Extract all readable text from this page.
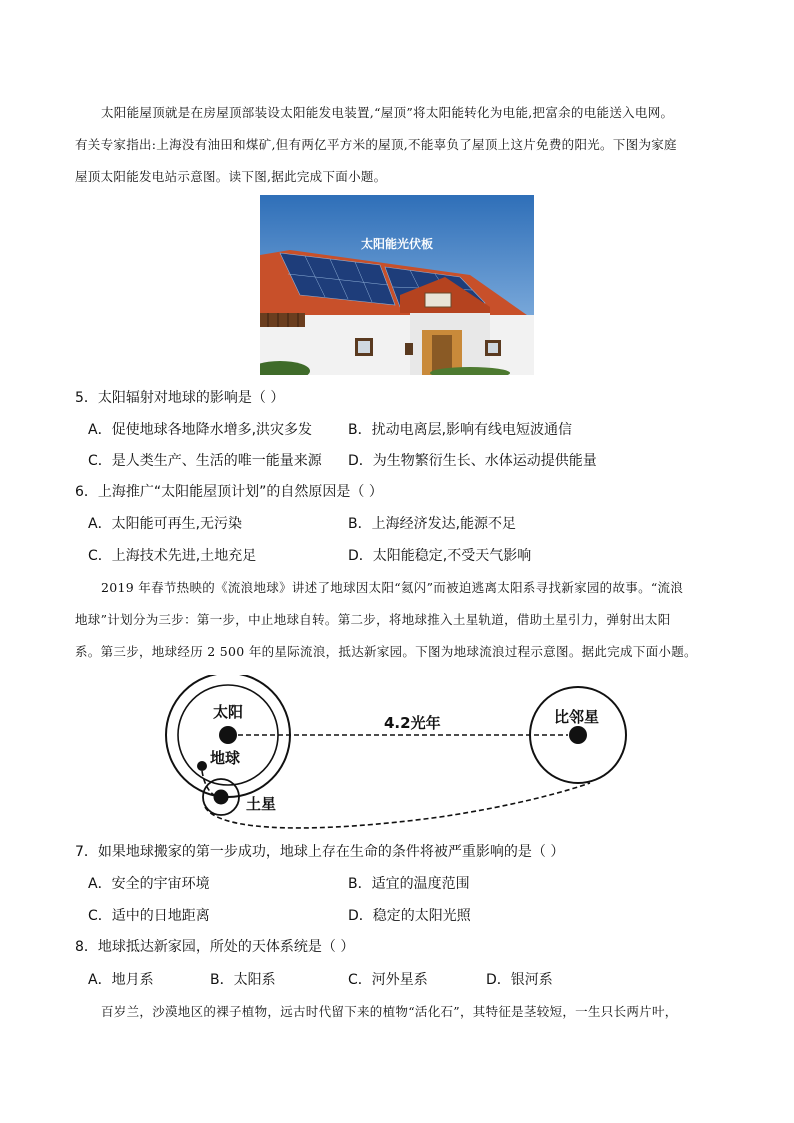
太阳能屋顶就是在房屋顶部装设太阳能发电装置,“屋顶”将太阳能转化为电能,把富余的电能送入电网。
有关专家指出:上海没有油田和煤矿,但有两亿平方米的屋顶,不能辜负了屋顶上这片免费的阳光。下图为家庭
屋顶太阳能发电站示意图。读下图,据此完成下面小题。
太阳能光伏板
5．太阳辐射对地球的影响是（ ）
A．促使地球各地降水增多,洪灾多发	B．扰动电离层,影响有线电短波通信
C．是人类生产、生活的唯一能量来源 D．为生物繁衍生长、水体运动提供能量
6．上海推广“太阳能屋顶计划”的自然原因是（ ）
A．太阳能可再生,无污染	B．上海经济发达,能源不足
C．上海技术先进,土地充足	D．太阳能稳定,不受天气影响
2019 年春节热映的《流浪地球》讲述了地球因太阳“氦闪”而被迫逃离太阳系寻找新家园的故事。“流浪
地球”计划分为三步：第一步，中止地球自转。第二步，将地球推入土星轨道，借助土星引力，弹射出太阳
系。第三步，地球经历 2 500 年的星际流浪，抵达新家园。下图为地球流浪过程示意图。据此完成下面小题。
太阳
地球
土星
比邻星
4.2光年
7．如果地球搬家的第一步成功，地球上存在生命的条件将被严重影响的是（ ）
A．安全的宇宙环境	B．适宜的温度范围
C．适中的日地距离	D．稳定的太阳光照
8．地球抵达新家园，所处的天体系统是（ ）
A．地月系	B．太阳系	C．河外星系	D．银河系
百岁兰，沙漠地区的裸子植物，远古时代留下来的植物“活化石”，其特征是茎较短，一生只长两片叶，
